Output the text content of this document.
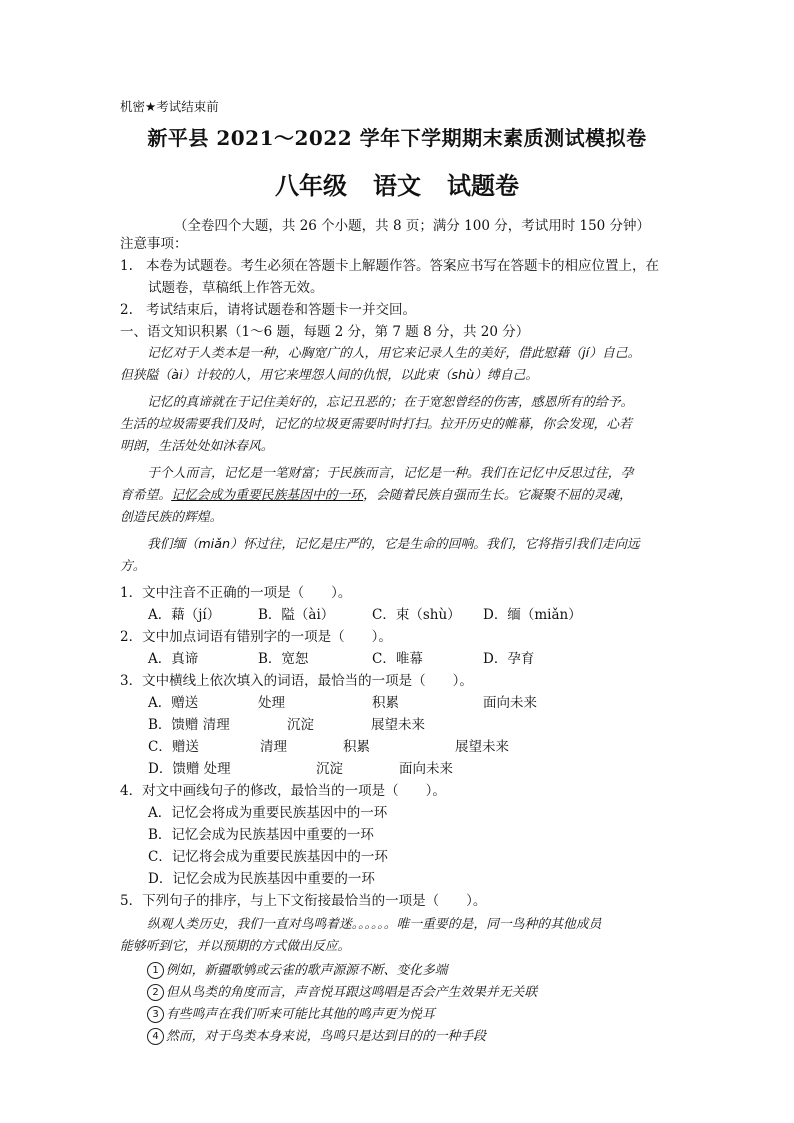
机密★考试结束前
新平县 2021～2022 学年下学期期末素质测试模拟卷
八年级 语文 试题卷
（全卷四个大题，共 26 个小题，共 8 页；满分 100 分，考试用时 150 分钟）
注意事项：
1. 本卷为试题卷。考生必须在答题卡上解题作答。答案应书写在答题卡的相应位置上，在
试题卷，草稿纸上作答无效。
2. 考试结束后，请将试题卷和答题卡一并交回。
一、语文知识积累（1～6 题，每题 2 分，第 7 题 8 分，共 20 分）
记忆对于人类本是一种，心胸宽广的人，用它来记录人生的美好，借此慰藉（jí）自己。
但狭隘（ài）计较的人，用它来埋怨人间的仇恨，以此束（shù）缚自己。
记忆的真谛就在于记住美好的，忘记丑恶的；在于宽恕曾经的伤害，感恩所有的给予。
生活的垃圾需要我们及时，记忆的垃圾更需要时时打扫。拉开历史的帷幕，你会发现，心若
明朗，生活处处如沐春风。
于个人而言，记忆是一笔财富；于民族而言，记忆是一种。我们在记忆中反思过往，孕
育希望。记忆会成为重要民族基因中的一环，会随着民族自强而生长。它凝聚不屈的灵魂，
创造民族的辉煌。
我们缅（miǎn）怀过往，记忆是庄严的，它是生命的回响。我们，它将指引我们走向远
方。
1．文中注音不正确的一项是（　　）。
A．藉（jí）	B．隘（ài）	C．束（shù） D．缅（miǎn）
2．文中加点词语有错别字的一项是（　　）。
A．真谛	B．宽恕	C．唯幕	D．孕育
3．文中横线上依次填入的词语，最恰当的一项是（　　）。
A．赠送	处理	积累	面向未来
B．馈赠 清理	沉淀	展望未来
C．赠送	清理	积累	展望未来
D．馈赠 处理	沉淀	面向未来
4．对文中画线句子的修改，最恰当的一项是（　　）。
A．记忆会将成为重要民族基因中的一环
B．记忆会成为民族基因中重要的一环
C．记忆将会成为重要民族基因中的一环
D．记忆会成为民族基因中重要的一环
5．下列句子的排序，与上下文衔接最恰当的一项是（　　）。
纵观人类历史，我们一直对鸟鸣着迷。。。。。。唯一重要的是，同一鸟种的其他成员
能够听到它，并以预期的方式做出反应。
1 例如，新疆歌鸲或云雀的歌声源源不断、变化多端
2 但从鸟类的角度而言，声音悦耳跟这鸣唱是否会产生效果并无关联
3 有些鸣声在我们听来可能比其他的鸣声更为悦耳
4 然而，对于鸟类本身来说，鸟鸣只是达到目的的一种手段
